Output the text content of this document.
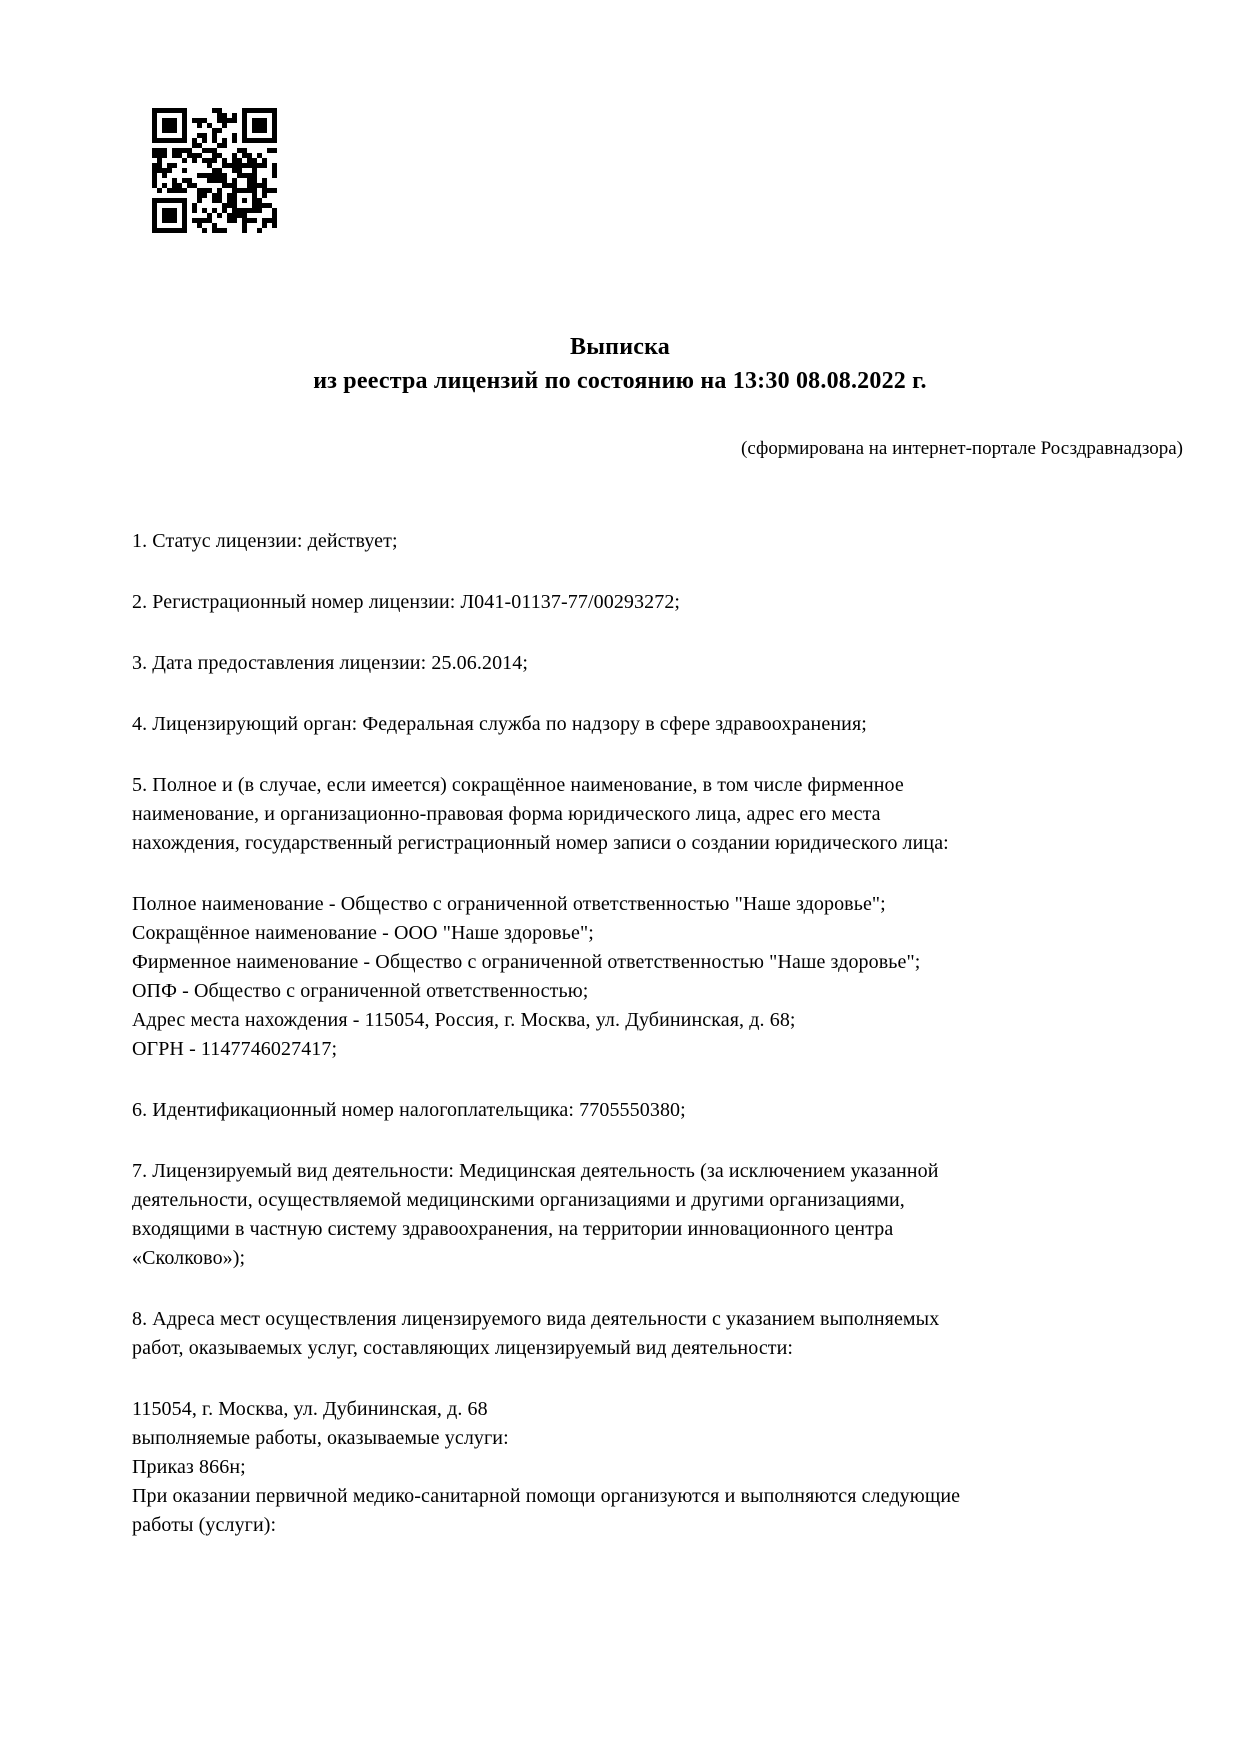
Выписка
из реестра лицензий по состоянию на 13:30 08.08.2022 г.
(сформирована на интернет-портале Росздравнадзора)
1. Статус лицензии: действует;
2. Регистрационный номер лицензии: Л041-01137-77/00293272;
3. Дата предоставления лицензии: 25.06.2014;
4. Лицензирующий орган: Федеральная служба по надзору в сфере здравоохранения;
5. Полное и (в случае, если имеется) сокращённое наименование, в том числе фирменное
наименование, и организационно-правовая форма юридического лица, адрес его места
нахождения, государственный регистрационный номер записи о создании юридического лица:
Полное наименование - Общество с ограниченной ответственностью "Наше здоровье";
Сокращённое наименование - ООО "Наше здоровье";
Фирменное наименование - Общество с ограниченной ответственностью "Наше здоровье";
ОПФ - Общество с ограниченной ответственностью;
Адрес места нахождения - 115054, Россия, г. Москва, ул. Дубининская, д. 68;
ОГРН - 1147746027417;
6. Идентификационный номер налогоплательщика: 7705550380;
7. Лицензируемый вид деятельности: Медицинская деятельность (за исключением указанной
деятельности, осуществляемой медицинскими организациями и другими организациями,
входящими в частную систему здравоохранения, на территории инновационного центра
«Сколково»);
8. Адреса мест осуществления лицензируемого вида деятельности с указанием выполняемых
работ, оказываемых услуг, составляющих лицензируемый вид деятельности:
115054, г. Москва, ул. Дубининская, д. 68
выполняемые работы, оказываемые услуги:
Приказ 866н;
При оказании первичной медико-санитарной помощи организуются и выполняются следующие
работы (услуги):
